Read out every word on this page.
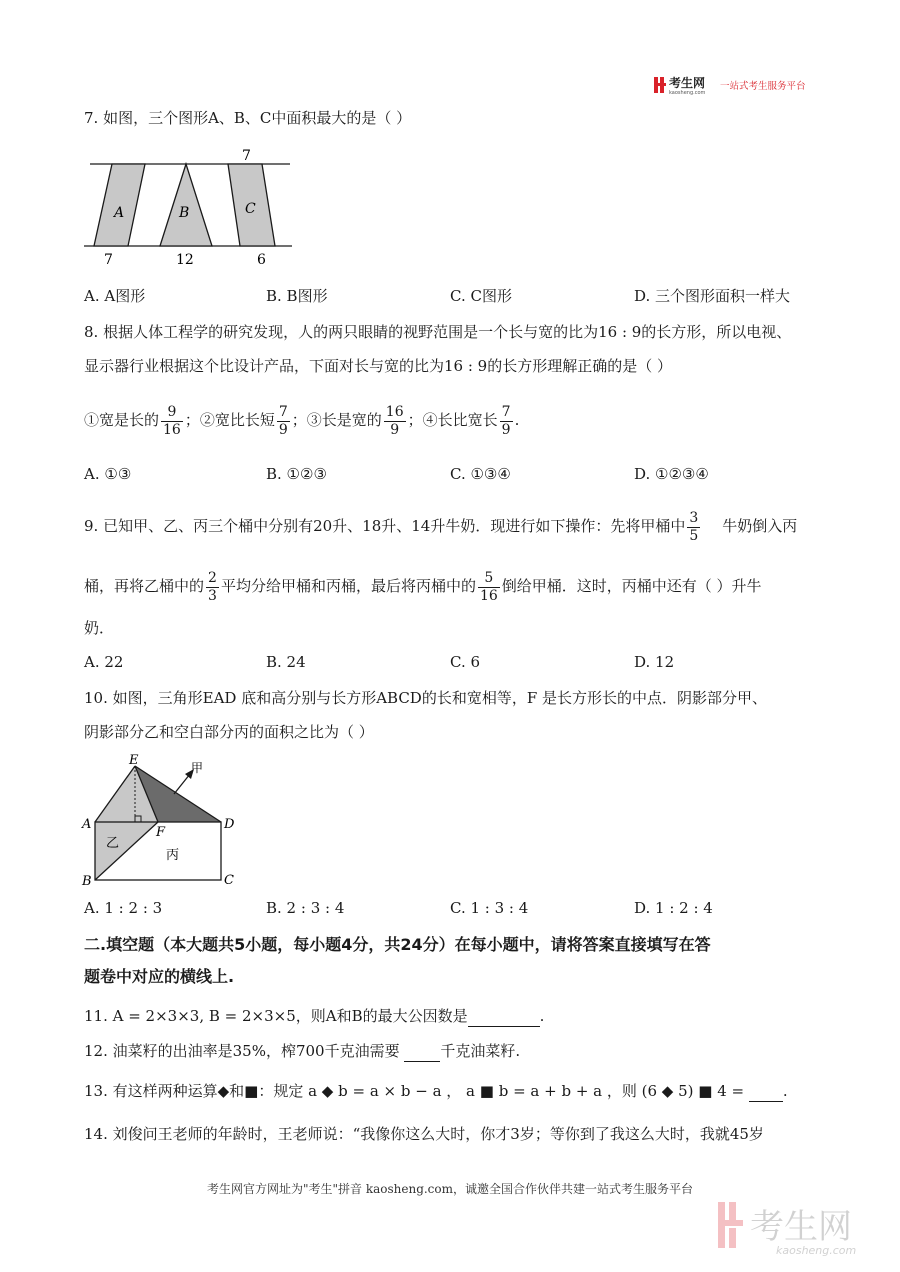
考生网
kaosheng.com
一站式考生服务平台
7. 如图，三个图形A、B、C中面积最大的是（ ）
7
A	B	C
7	12	6
A. A图形	B. B图形	C. C图形	D. 三个图形面积一样大
8. 根据人体工程学的研究发现，人的两只眼睛的视野范围是一个长与宽的比为16 : 9的长方形，所以电视、
显示器行业根据这个比设计产品，下面对长与宽的比为16 : 9的长方形理解正确的是（ ）
①宽是长的 $\frac{9}{16}$ ；②宽比长短 $\frac{7}{9}$ ；③长是宽的 $\frac{16}{9}$ ；④长比宽长 $\frac{7}{9}$ .
A. ①③	B. ①②③	C. ①③④	D. ①②③④
9. 已知甲、乙、丙三个桶中分别有20升、18升、14升牛奶．现进行如下操作：先将甲桶中 $\frac{3}{5}$ 牛奶倒入丙
桶，再将乙桶中的 $\frac{2}{3}$ 平均分给甲桶和丙桶，最后将丙桶中的 $\frac{5}{16}$ 倒给甲桶．这时，丙桶中还有（ ）升牛
奶．
A. 22	B. 24	C. 6	D. 12
10. 如图，三角形EAD 底和高分别与长方形ABCD的长和宽相等，F 是长方形长的中点．阴影部分甲、
阴影部分乙和空白部分丙的面积之比为（ ）
E
A
B	C
D
F
甲
乙
丙
A. 1 : 2 : 3	B. 2 : 3 : 4	C. 1 : 3 : 4	D. 1 : 2 : 4
二.填空题（本大题共5小题，每小题4分，共24分）在每小题中，请将答案直接填写在答
题卷中对应的横线上.
11. A = 2×3×3, B = 2×3×5，则A和B的最大公因数是	.
12. 油菜籽的出油率是35%，榨700千克油需要  千克油菜籽.
13. 有这样两种运算◆和■：规定 a ◆ b = a × b − a ， a ■ b = a + b + a ，则 (6 ◆ 5) ■ 4 =  .
14. 刘俊问王老师的年龄时，王老师说：“我像你这么大时，你才3岁；等你到了我这么大时，我就45岁
考生网官方网址为"考生"拼音 kaosheng.com，诚邀全国合作伙伴共建一站式考生服务平台
考生网
kaosheng.com
